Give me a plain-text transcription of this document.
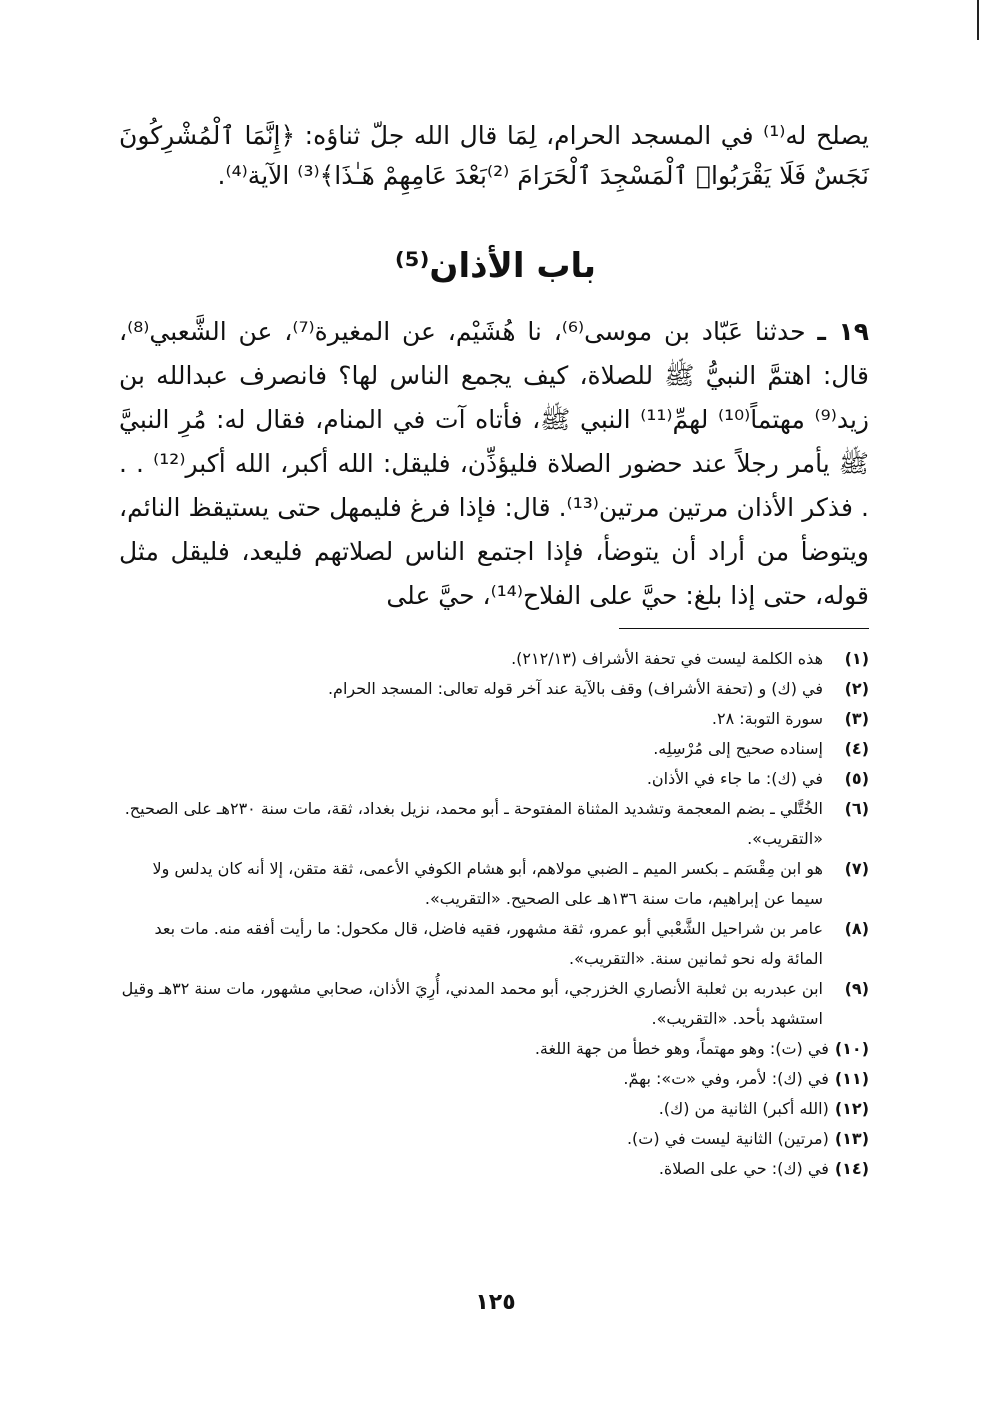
يصلح له⁽¹⁾ في المسجد الحرام، لِمَا قال الله جلّ ثناؤه: ﴿إِنَّمَا ٱلْمُشْرِكُونَ نَجَسٌ فَلَا يَقْرَبُوا۟ ٱلْمَسْجِدَ ٱلْحَرَامَ ⁽²⁾بَعْدَ عَامِهِمْ هَـٰذَا﴾⁽³⁾ الآية⁽⁴⁾.

باب الأذان⁽⁵⁾

١٩ ـ حدثنا عَبّاد بن موسى⁽⁶⁾، نا هُشَيْم، عن المغيرة⁽⁷⁾، عن الشَّعبي⁽⁸⁾، قال: اهتمَّ النبيُّ ﷺ للصلاة، كيف يجمع الناس لها؟ فانصرف عبدالله بن زيد⁽⁹⁾ مهتماً⁽¹⁰⁾ لهمِّ⁽¹¹⁾ النبي ﷺ، فأتاه آت في المنام، فقال له: مُرِ النبيَّ ﷺ يأمر رجلاً عند حضور الصلاة فليؤذِّن، فليقل: الله أكبر، الله أكبر⁽¹²⁾ . . . فذكر الأذان مرتين مرتين⁽¹³⁾. قال: فإذا فرغ فليمهل حتى يستيقظ النائم، ويتوضأ من أراد أن يتوضأ، فإذا اجتمع الناس لصلاتهم فليعد، فليقل مثل قوله، حتى إذا بلغ: حيَّ على الفلاح⁽¹⁴⁾، حيَّ على

(١)
هذه الكلمة ليست في تحفة الأشراف (٢١٢/١٣).
(٢)
في (ك) و (تحفة الأشراف) وقف بالآية عند آخر قوله تعالى: المسجد الحرام.
(٣)
سورة التوبة: ٢٨.
(٤)
إسناده صحيح إلى مُرْسِلِه.
(٥)
في (ك): ما جاء في الأذان.
(٦)
الخُتَّلي ـ بضم المعجمة وتشديد المثناة المفتوحة ـ أبو محمد، نزيل بغداد، ثقة، مات سنة ٢٣٠هـ على الصحيح. «التقريب».
(٧)
هو ابن مِقْسَم ـ بكسر الميم ـ الضبي مولاهم، أبو هشام الكوفي الأعمى، ثقة متقن، إلا أنه كان يدلس ولا سيما عن إبراهيم، مات سنة ١٣٦هـ على الصحيح. «التقريب».
(٨)
عامر بن شراحيل الشَّعْبي أبو عمرو، ثقة مشهور، فقيه فاضل، قال مكحول: ما رأيت أفقه منه. مات بعد المائة وله نحو ثمانين سنة. «التقريب».
(٩)
ابن عبدربه بن ثعلبة الأنصاري الخزرجي، أبو محمد المدني، أُرِيَ الأذان، صحابي مشهور، مات سنة ٣٢هـ وقيل استشهد بأحد. «التقريب».
(١٠)في (ت): وهو مهتماً، وهو خطأ من جهة اللغة.
(١١)في (ك): لأمر، وفي «ت»: بهمّ.
(١٢)(الله أكبر) الثانية من (ك).
(١٣)(مرتين) الثانية ليست في (ت).
(١٤)في (ك): حي على الصلاة.
١٢٥
